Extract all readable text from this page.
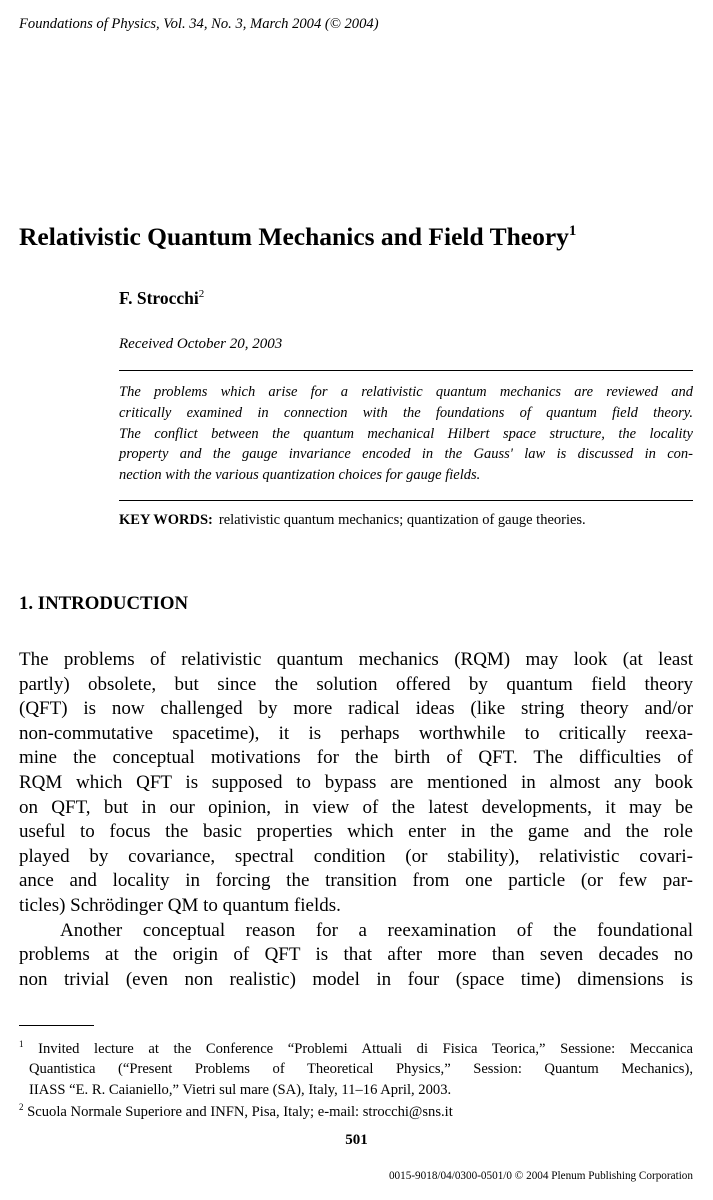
Foundations of Physics, Vol. 34, No. 3, March 2004 (© 2004)
Relativistic Quantum Mechanics and Field Theory$^1$
F. Strocchi$^2$
Received October 20, 2003
The problems which arise for a relativistic quantum mechanics are reviewed and
critically examined in connection with the foundations of quantum field theory.
The conflict between the quantum mechanical Hilbert space structure, the locality
property and the gauge invariance encoded in the Gauss' law is discussed in con-
nection with the various quantization choices for gauge fields.
KEY WORDS: relativistic quantum mechanics; quantization of gauge theories.
1. INTRODUCTION
The problems of relativistic quantum mechanics (RQM) may look (at least
partly) obsolete, but since the solution offered by quantum field theory
(QFT) is now challenged by more radical ideas (like string theory and/or
non-commutative spacetime), it is perhaps worthwhile to critically reexa-
mine the conceptual motivations for the birth of QFT. The difficulties of
RQM which QFT is supposed to bypass are mentioned in almost any book
on QFT, but in our opinion, in view of the latest developments, it may be
useful to focus the basic properties which enter in the game and the role
played by covariance, spectral condition (or stability), relativistic covari-
ance and locality in forcing the transition from one particle (or few par-
ticles) Schrödinger QM to quantum fields.
Another conceptual reason for a reexamination of the foundational
problems at the origin of QFT is that after more than seven decades no
non trivial (even non realistic) model in four (space time) dimensions is
$^1$ Invited lecture at the Conference “Problemi Attuali di Fisica Teorica,” Sessione: Meccanica
Quantistica (“Present Problems of Theoretical Physics,” Session: Quantum Mechanics),
IIASS “E. R. Caianiello,” Vietri sul mare (SA), Italy, 11–16 April, 2003.
$^2$ Scuola Normale Superiore and INFN, Pisa, Italy; e-mail: strocchi@sns.it
501
0015-9018/04/0300-0501/0 © 2004 Plenum Publishing Corporation
